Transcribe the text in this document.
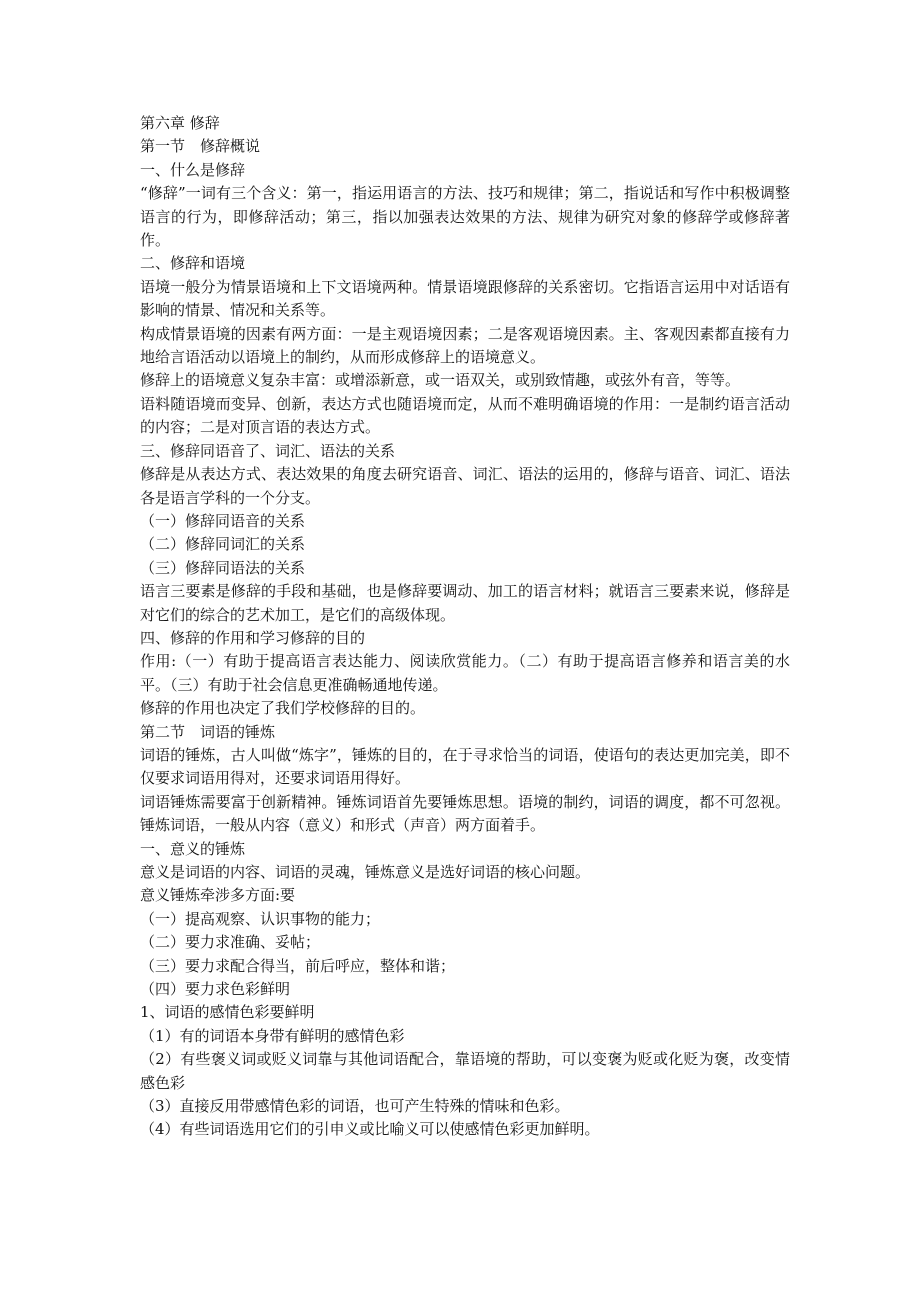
第六章 修辞

第一节　修辞概说

一、什么是修辞

“修辞”一词有三个含义：第一，指运用语言的方法、技巧和规律；第二，指说话和写作中积极调整语言的行为，即修辞活动；第三，指以加强表达效果的方法、规律为研究对象的修辞学或修辞著作。

二、修辞和语境

语境一般分为情景语境和上下文语境两种。情景语境跟修辞的关系密切。它指语言运用中对话语有影响的情景、情况和关系等。

构成情景语境的因素有两方面：一是主观语境因素；二是客观语境因素。主、客观因素都直接有力地给言语活动以语境上的制约，从而形成修辞上的语境意义。

修辞上的语境意义复杂丰富：或增添新意，或一语双关，或别致情趣，或弦外有音，等等。

语料随语境而变异、创新，表达方式也随语境而定，从而不难明确语境的作用：一是制约语言活动的内容；二是对顶言语的表达方式。

三、修辞同语音了、词汇、语法的关系

修辞是从表达方式、表达效果的角度去研究语音、词汇、语法的运用的，修辞与语音、词汇、语法各是语言学科的一个分支。

（一）修辞同语音的关系

（二）修辞同词汇的关系

（三）修辞同语法的关系

语言三要素是修辞的手段和基础，也是修辞要调动、加工的语言材料；就语言三要素来说，修辞是对它们的综合的艺术加工，是它们的高级体现。

四、修辞的作用和学习修辞的目的

作用:（一）有助于提高语言表达能力、阅读欣赏能力。（二）有助于提高语言修养和语言美的水平。（三）有助于社会信息更准确畅通地传递。

修辞的作用也决定了我们学校修辞的目的。

第二节　词语的锤炼

词语的锤炼，古人叫做“炼字”，锤炼的目的，在于寻求恰当的词语，使语句的表达更加完美，即不仅要求词语用得对，还要求词语用得好。

词语锤炼需要富于创新精神。锤炼词语首先要锤炼思想。语境的制约，词语的调度，都不可忽视。锤炼词语，一般从内容（意义）和形式（声音）两方面着手。

一、意义的锤炼

意义是词语的内容、词语的灵魂，锤炼意义是选好词语的核心问题。

意义锤炼牵涉多方面:要

（一）提高观察、认识事物的能力；

（二）要力求准确、妥帖；

（三）要力求配合得当，前后呼应，整体和谐；

（四）要力求色彩鲜明

1、词语的感情色彩要鲜明

（1）有的词语本身带有鲜明的感情色彩

（2）有些褒义词或贬义词靠与其他词语配合，靠语境的帮助，可以变褒为贬或化贬为褒，改变情感色彩

（3）直接反用带感情色彩的词语，也可产生特殊的情味和色彩。

（4）有些词语选用它们的引申义或比喻义可以使感情色彩更加鲜明。
